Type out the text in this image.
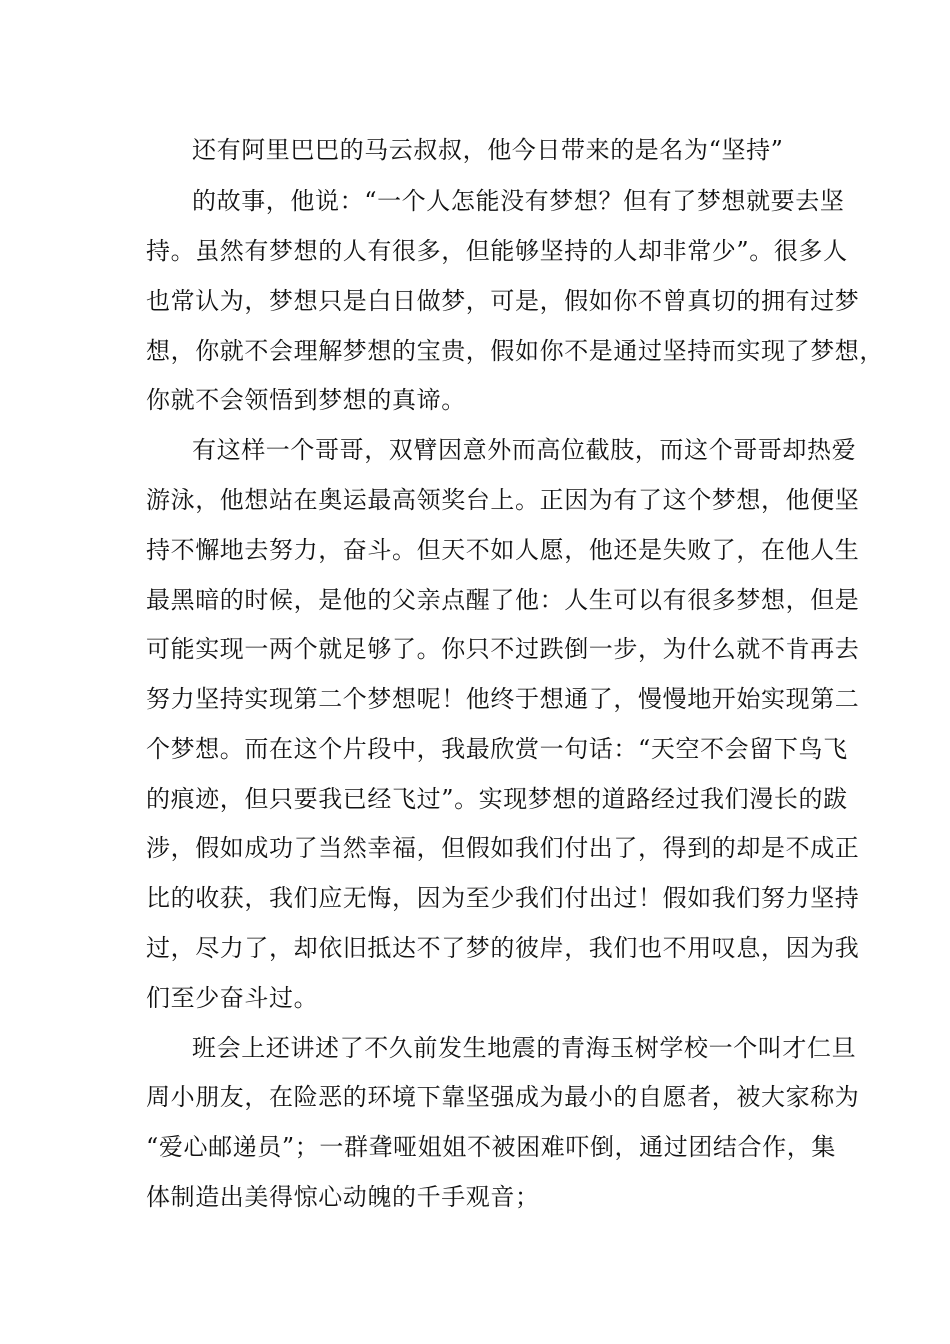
还有阿里巴巴的马云叔叔，他今日带来的是名为“坚持”
的故事，他说：“一个人怎能没有梦想？但有了梦想就要去坚
持。虽然有梦想的人有很多，但能够坚持的人却非常少”。很多人
也常认为，梦想只是白日做梦，可是，假如你不曾真切的拥有过梦
想，你就不会理解梦想的宝贵，假如你不是通过坚持而实现了梦想，
你就不会领悟到梦想的真谛。
有这样一个哥哥，双臂因意外而高位截肢，而这个哥哥却热爱
游泳，他想站在奥运最高领奖台上。正因为有了这个梦想，他便坚
持不懈地去努力，奋斗。但天不如人愿，他还是失败了，在他人生
最黑暗的时候，是他的父亲点醒了他：人生可以有很多梦想，但是
可能实现一两个就足够了。你只不过跌倒一步，为什么就不肯再去
努力坚持实现第二个梦想呢！他终于想通了，慢慢地开始实现第二
个梦想。而在这个片段中，我最欣赏一句话：“天空不会留下鸟飞
的痕迹，但只要我已经飞过”。实现梦想的道路经过我们漫长的跋
涉，假如成功了当然幸福，但假如我们付出了，得到的却是不成正
比的收获，我们应无悔，因为至少我们付出过！假如我们努力坚持
过，尽力了，却依旧抵达不了梦的彼岸，我们也不用叹息，因为我
们至少奋斗过。
班会上还讲述了不久前发生地震的青海玉树学校一个叫才仁旦
周小朋友，在险恶的环境下靠坚强成为最小的自愿者，被大家称为
“爱心邮递员”；一群聋哑姐姐不被困难吓倒，通过团结合作，集
体制造出美得惊心动魄的千手观音；
